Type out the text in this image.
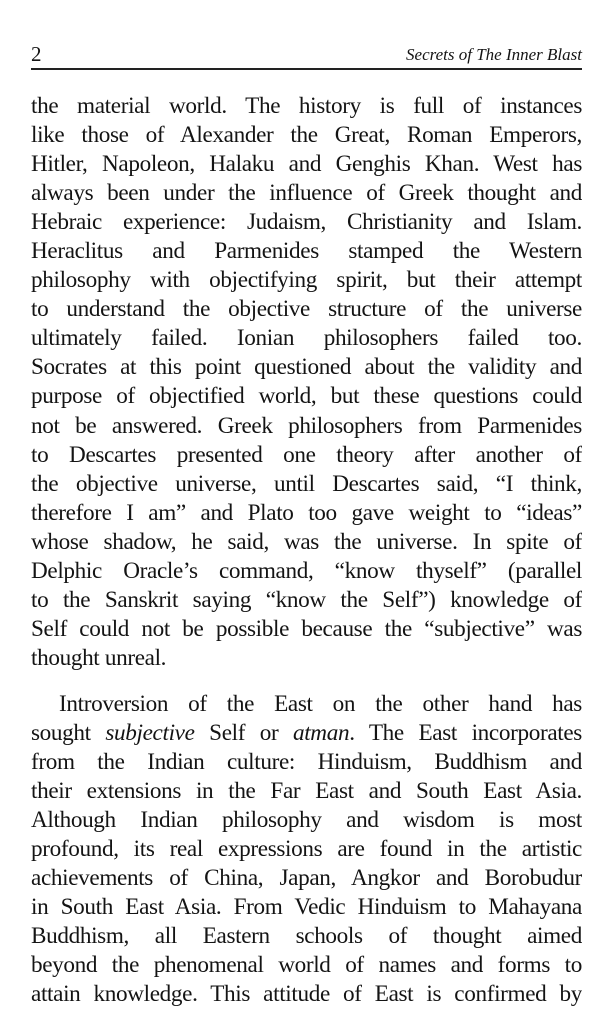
2	Secrets of The Inner Blast

the material world. The history is full of instances
like those of Alexander the Great, Roman Emperors,
Hitler, Napoleon, Halaku and Genghis Khan. West has
always been under the influence of Greek thought and
Hebraic experience: Judaism, Christianity and Islam.
Heraclitus and Parmenides stamped the Western
philosophy with objectifying spirit, but their attempt
to understand the objective structure of the universe
ultimately failed. Ionian philosophers failed too.
Socrates at this point questioned about the validity and
purpose of objectified world, but these questions could
not be answered. Greek philosophers from Parmenides
to Descartes presented one theory after another of
the objective universe, until Descartes said, “I think,
therefore I am” and Plato too gave weight to “ideas”
whose shadow, he said, was the universe. In spite of
Delphic Oracle’s command, “know thyself” (parallel
to the Sanskrit saying “know the Self”) knowledge of
Self could not be possible because the “subjective” was
thought unreal.

Introversion of the East on the other hand has
sought subjective Self or atman. The East incorporates
from the Indian culture: Hinduism, Buddhism and
their extensions in the Far East and South East Asia.
Although Indian philosophy and wisdom is most
profound, its real expressions are found in the artistic
achievements of China, Japan, Angkor and Borobudur
in South East Asia. From Vedic Hinduism to Mahayana
Buddhism, all Eastern schools of thought aimed
beyond the phenomenal world of names and forms to
attain knowledge. This attitude of East is confirmed by
